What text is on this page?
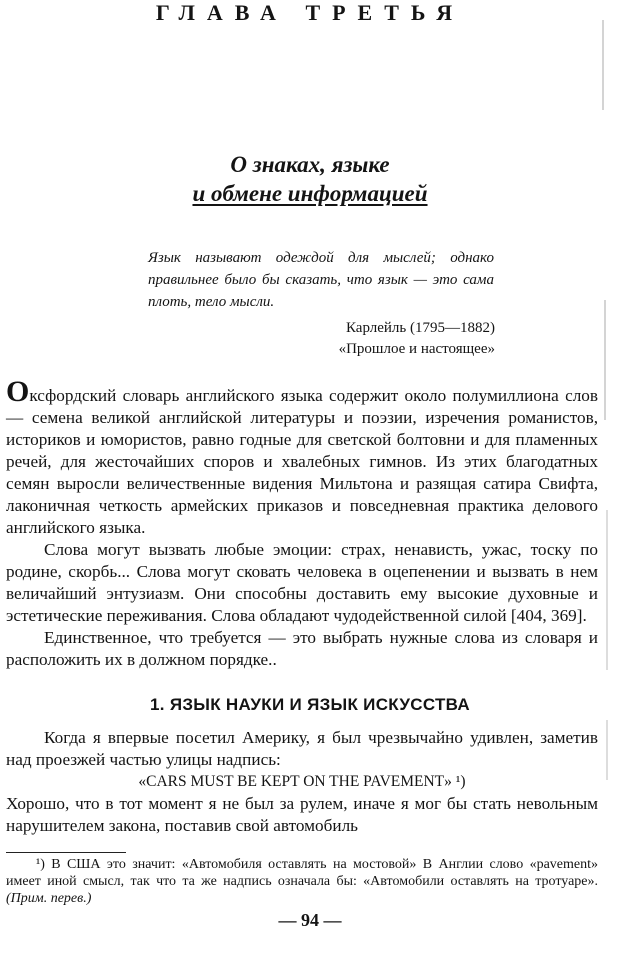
ГЛАВА ТРЕТЬЯ
О знаках, языке
и обмене информацией
Язык называют одеждой для мыслей; однако правильнее было бы сказать, что язык — это сама плоть, тело мысли.
Карлейль (1795—1882)
«Прошлое и настоящее»

Оксфордский словарь английского языка содержит около полумиллиона слов — семена великой английской литературы и поэзии, изречения романистов, историков и юмористов, равно годные для светской болтовни и для пламенных речей, для жесточайших споров и хвалебных гимнов. Из этих благодатных семян выросли величественные видения Мильтона и разящая сатира Свифта, лаконичная четкость армейских приказов и повседневная практика делового английского языка.

Слова могут вызвать любые эмоции: страх, ненависть, ужас, тоску по родине, скорбь... Слова могут сковать человека в оцепенении и вызвать в нем величайший энтузиазм. Они способны доставить ему высокие духовные и эстетические переживания. Слова обладают чудодейственной силой [404, 369].

Единственное, что требуется — это выбрать нужные слова из словаря и расположить их в должном порядке..

1. ЯЗЫК НАУКИ И ЯЗЫК ИСКУССТВА

Когда я впервые посетил Америку, я был чрезвычайно удивлен, заметив над проезжей частью улицы надпись:

«CARS MUST BE KEPT ON THE PAVEMENT» ¹)

Хорошо, что в тот момент я не был за рулем, иначе я мог бы стать невольным нарушителем закона, поставив свой автомобиль

¹) В США это значит: «Автомобиля оставлять на мостовой» В Англии слово «pavement» имеет иной смысл, так что та же надпись означала бы: «Автомобили оставлять на тротуаре». (Прим. перев.)

— 94 —
